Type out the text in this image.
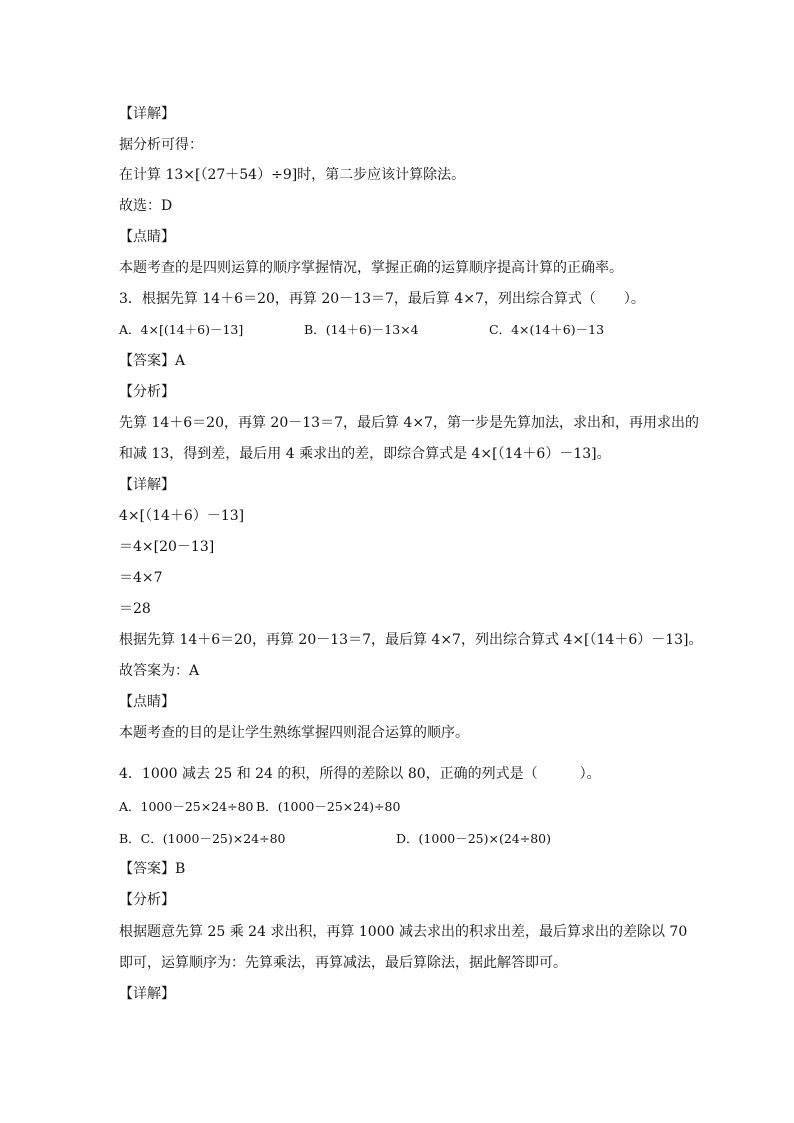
【详解】
据分析可得：
在计算 13×[（27＋54）÷9]时，第二步应该计算除法。
故选：D
【点睛】
本题考查的是四则运算的顺序掌握情况，掌握正确的运算顺序提高计算的正确率。
3．根据先算 14＋6＝20，再算 20－13＝7，最后算 4×7，列出综合算式（　　）。
A．4×[(14＋6)－13]	B．(14＋6)－13×4	C．4×(14＋6)－13
【答案】A
【分析】
先算 14＋6＝20，再算 20－13＝7，最后算 4×7，第一步是先算加法，求出和，再用求出的
和减 13，得到差，最后用 4 乘求出的差，即综合算式是 4×[（14＋6）－13]。
【详解】
4×[（14＋6）－13]
＝4×[20－13]
＝4×7
＝28
根据先算 14＋6＝20，再算 20－13＝7，最后算 4×7，列出综合算式 4×[（14＋6）－13]。
故答案为：A
【点睛】
本题考查的目的是让学生熟练掌握四则混合运算的顺序。
4．1000 减去 25 和 24 的积，所得的差除以 80，正确的列式是（　　　）。
A．1000－25×24÷80 B．(1000－25×24)÷80
B．C．(1000－25)×24÷80	D．(1000－25)×(24÷80)
【答案】B
【分析】
根据题意先算 25 乘 24 求出积，再算 1000 减去求出的积求出差，最后算求出的差除以 70
即可，运算顺序为：先算乘法，再算减法，最后算除法，据此解答即可。
【详解】
